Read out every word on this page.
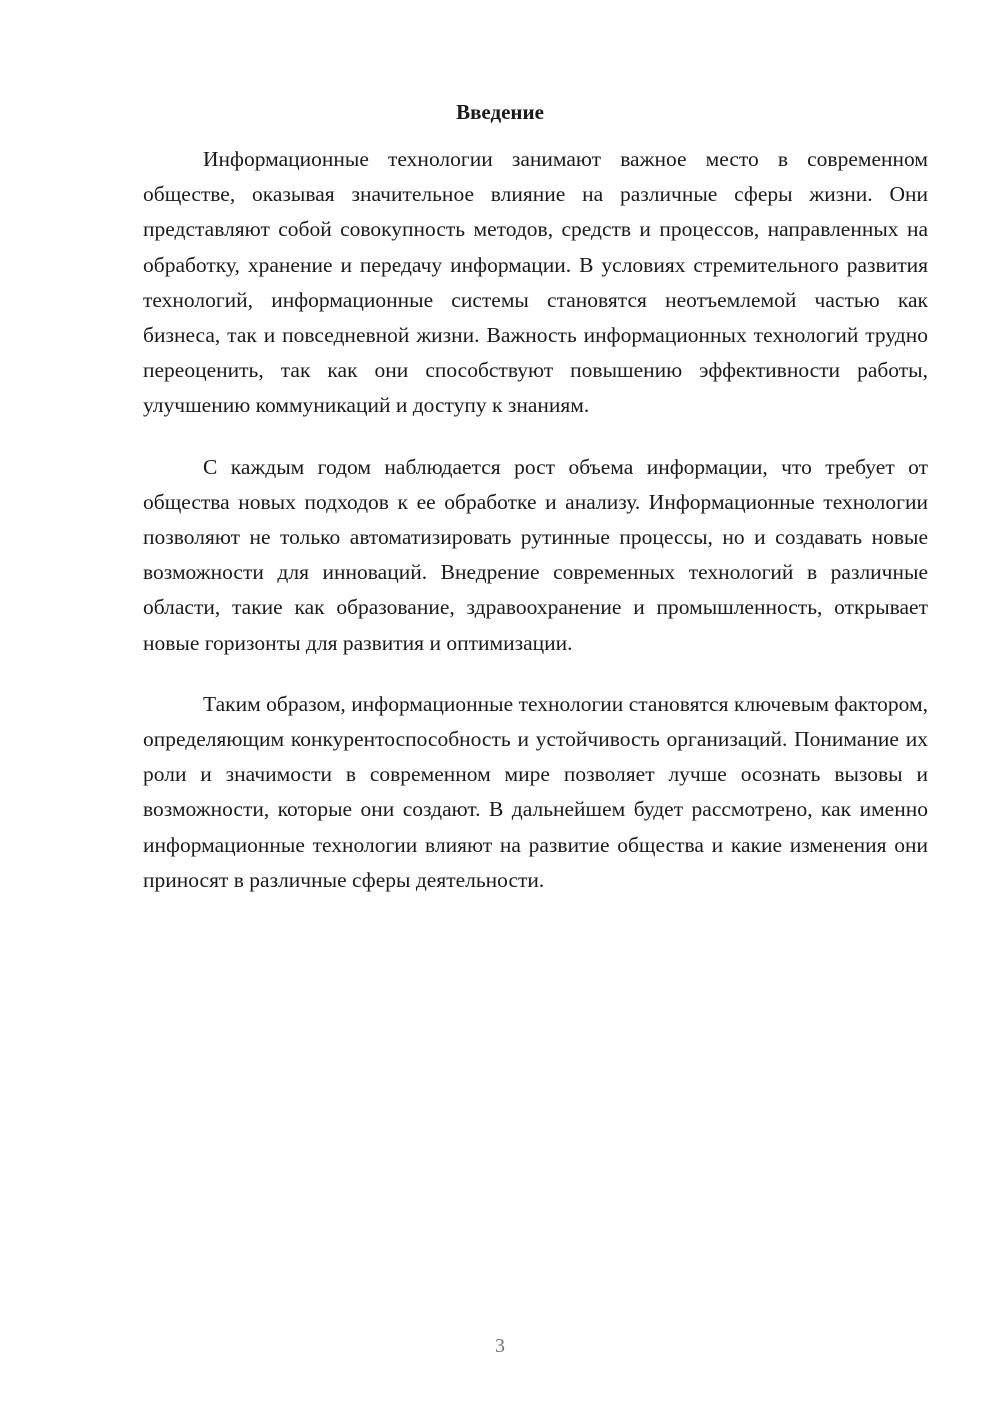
Введение

Информационные технологии занимают важное место в современном обществе, оказывая значительное влияние на различные сферы жизни. Они представляют собой совокупность методов, средств и процессов, направленных на обработку, хранение и передачу информации. В условиях стремительного развития технологий, информационные системы становятся неотъемлемой частью как бизнеса, так и повседневной жизни. Важность информационных технологий трудно переоценить, так как они способствуют повышению эффективности работы, улучшению коммуникаций и доступу к знаниям.

С каждым годом наблюдается рост объема информации, что требует от общества новых подходов к ее обработке и анализу. Информационные технологии позволяют не только автоматизировать рутинные процессы, но и создавать новые возможности для инноваций. Внедрение современных технологий в различные области, такие как образование, здравоохранение и промышленность, открывает новые горизонты для развития и оптимизации.

Таким образом, информационные технологии становятся ключевым фактором, определяющим конкурентоспособность и устойчивость организаций. Понимание их роли и значимости в современном мире позволяет лучше осознать вызовы и возможности, которые они создают. В дальнейшем будет рассмотрено, как именно информационные технологии влияют на развитие общества и какие изменения они приносят в различные сферы деятельности.

3
